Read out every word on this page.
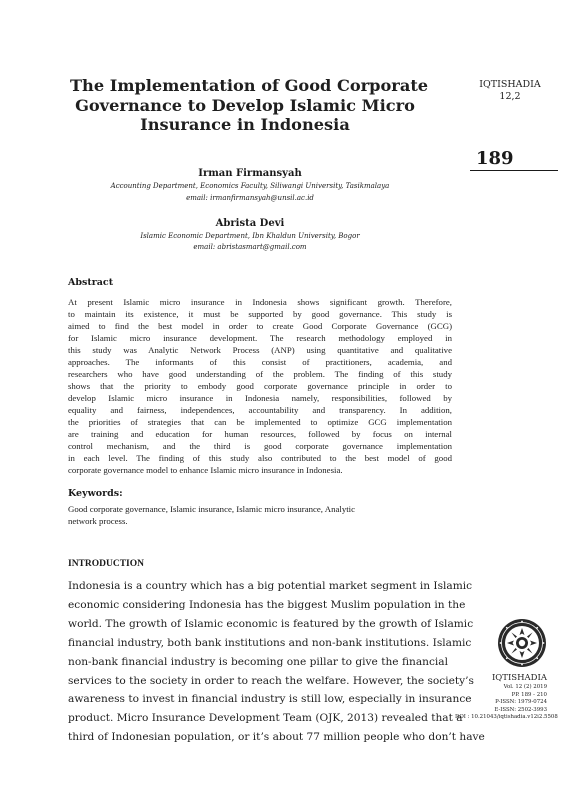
The Implementation of Good Corporate
Governance to Develop Islamic Micro
Insurance in Indonesia
IQTISHADIA
12,2
189
Irman Firmansyah
Accounting Department, Economics Faculty, Siliwangi University, Tasikmalaya
email: irmanfirmansyah@unsil.ac.id
Abrista Devi
Islamic Economic Department, Ibn Khaldun University, Bogor
email: abristasmart@gmail.com
Abstract
At present Islamic micro insurance in Indonesia shows significant growth. Therefore,
to maintain its existence, it must be supported by good governance. This study is
aimed to find the best model in order to create Good Corporate Governance (GCG)
for Islamic micro insurance development. The research methodology employed in
this study was Analytic Network Process (ANP) using quantitative and qualitative
approaches. The informants of this consist of practitioners, academia, and
researchers who have good understanding of the problem. The finding of this study
shows that the priority to embody good corporate governance principle in order to
develop Islamic micro insurance in Indonesia namely, responsibilities, followed by
equality and fairness, independences, accountability and transparency. In addition,
the priorities of strategies that can be implemented to optimize GCG implementation
are training and education for human resources, followed by focus on internal
control mechanism, and the third is good corporate governance implementation
in each level. The finding of this study also contributed to the best model of good
corporate governance model to enhance Islamic micro insurance in Indonesia.
Keywords:
Good corporate governance, Islamic insurance, Islamic micro insurance, Analytic
network process.
INTRODUCTION
Indonesia is a country which has a big potential market segment in Islamic
economic considering Indonesia has the biggest Muslim population in the
world. The growth of Islamic economic is featured by the growth of Islamic
financial industry, both bank institutions and non-bank institutions. Islamic
non-bank financial industry is becoming one pillar to give the financial
services to the society in order to reach the welfare. However, the society’s
awareness to invest in financial industry is still low, especially in insurance
product. Micro Insurance Development Team (OJK, 2013) revealed that a
third of Indonesian population, or it’s about 77 million people who don’t have
IQTISHADIA
Vol. 12 (2) 2019
PP. 189 - 210
P-ISSN: 1979-0724
E-ISSN: 2502-3993
DOI : 10.21043/iqtishadia.v12i2.5508
